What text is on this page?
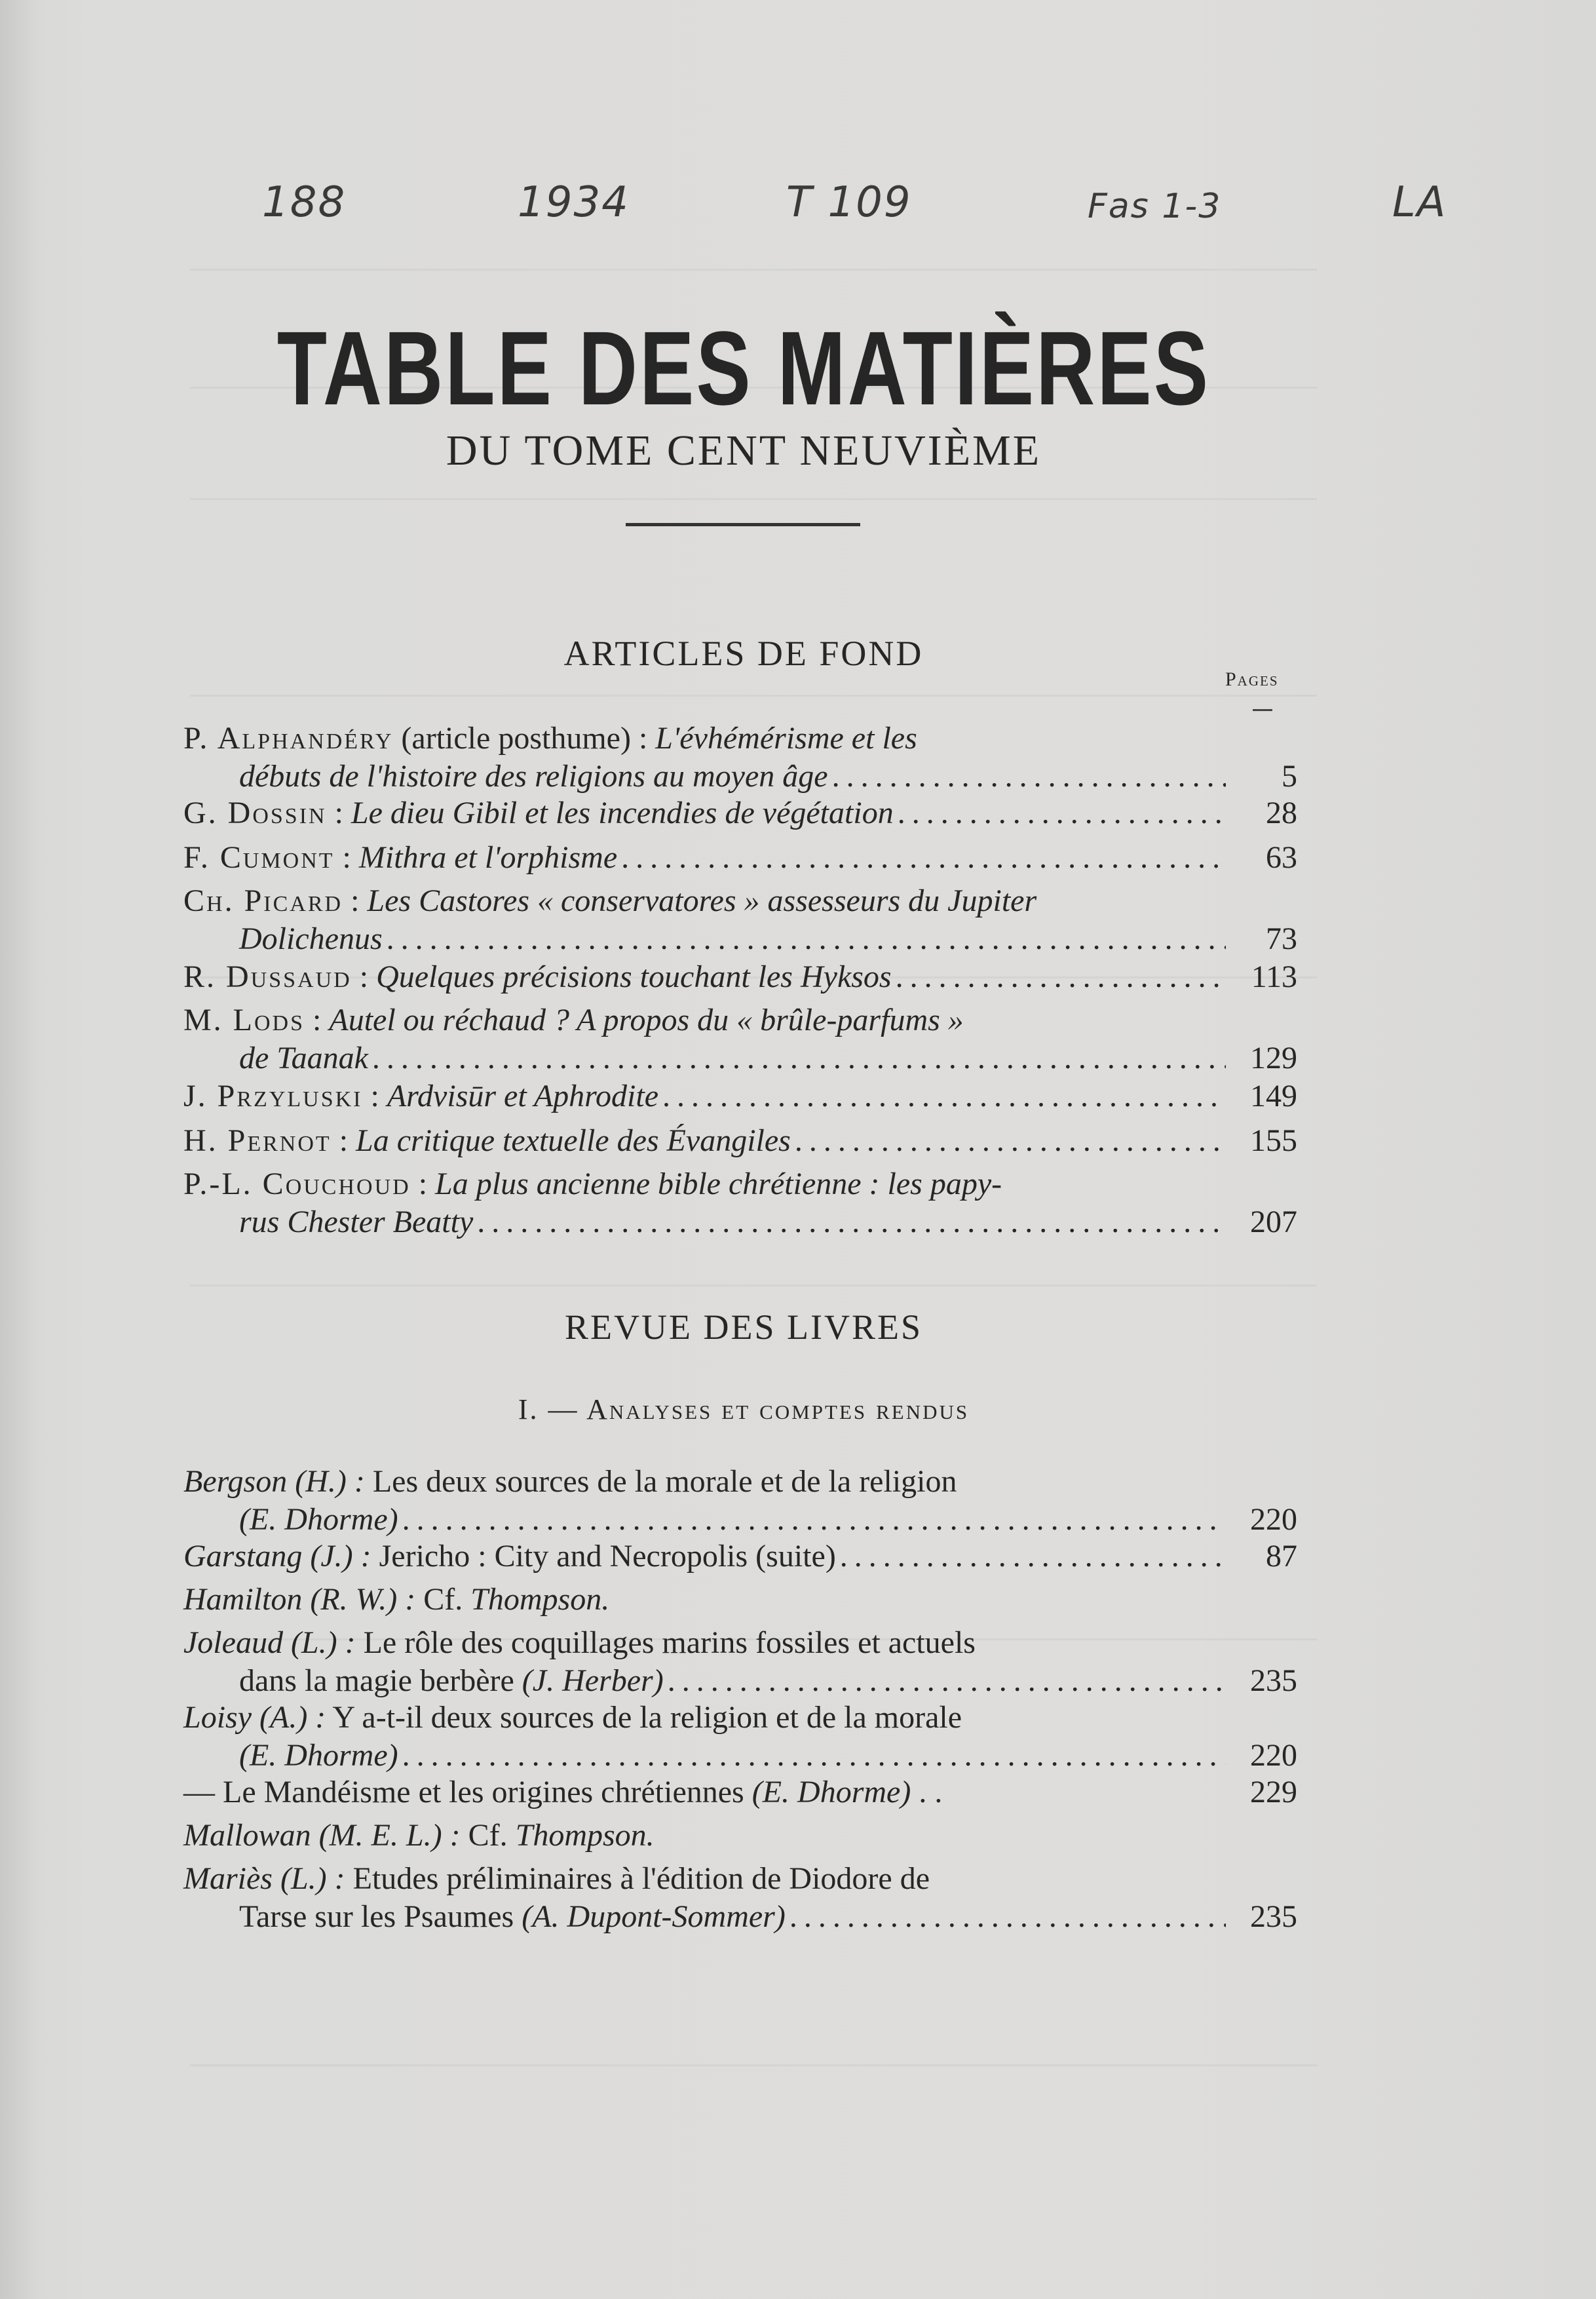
188	1934	T 109	Fas 1-3	LA
TABLE DES MATIÈRES
DU TOME CENT NEUVIÈME
ARTICLES DE FOND
Pages
P. Alphandéry (article posthume) : L'évhémérisme et les
débuts de l'histoire des religions au moyen âge . . .	5
G. Dossin : Le dieu Gibil et les incendies de végétation . . .	28
F. Cumont : Mithra et l'orphisme . . .	63
Ch. Picard : Les Castores « conservatores » assesseurs du Jupiter
Dolichenus . . .	73
R. Dussaud : Quelques précisions touchant les Hyksos . . .	113
M. Lods : Autel ou réchaud ? A propos du « brûle-parfums »
de Taanak . . .	129
J. Przyluski : Ardvisūr et Aphrodite . . .	149
H. Pernot : La critique textuelle des Évangiles . . .	155
P.-L. Couchoud : La plus ancienne bible chrétienne : les papy-
rus Chester Beatty . . .	207
REVUE DES LIVRES
I. — Analyses et comptes rendus
Bergson (H.) : Les deux sources de la morale et de la religion
(E. Dhorme) . . .	220
Garstang (J.) : Jericho : City and Necropolis (suite) . . .	87
Hamilton (R. W.) : Cf. Thompson.
Joleaud (L.) : Le rôle des coquillages marins fossiles et actuels
dans la magie berbère (J. Herber) . . .	235
Loisy (A.) : Y a-t-il deux sources de la religion et de la morale
(E. Dhorme) . . .	220
— Le Mandéisme et les origines chrétiennes (E. Dhorme) . .	229
Mallowan (M. E. L.) : Cf. Thompson.
Mariès (L.) : Etudes préliminaires à l'édition de Diodore de
Tarse sur les Psaumes (A. Dupont-Sommer) . . .	235
